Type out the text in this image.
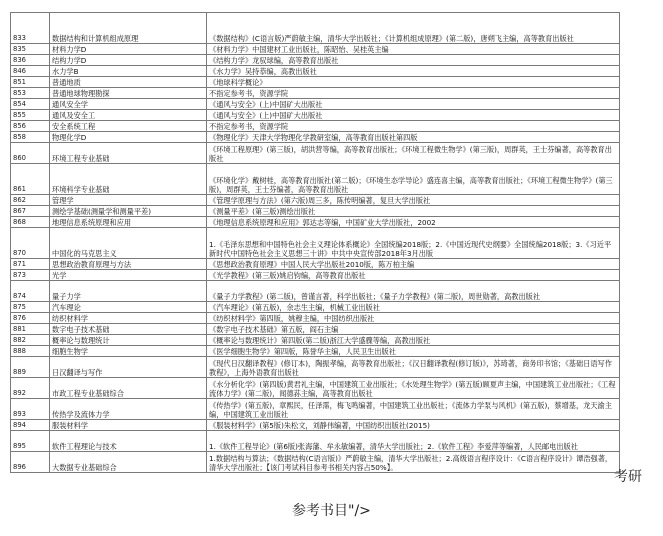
833	数据结构和计算机组成原理	《数据结构》(C语言版)严蔚敏主编，清华大学出版社；《计算机组成原理》(第二版)，唐朔飞主编，高等教育出版社
835	材料力学D	《材料力学》中国建材工业出版社，陈昭怡、吴桂英主编
836	结构力学D	《结构力学》龙驭球编，高等教育出版社
846	水力学B	《水力学》吴持恭编，高教出版社
851	普通地质	《地球科学概论》
853	普通地球物理勘探	不指定参考书，资源学院
854	通风安全学	《通风与安全》(上)中国矿大出版社
855	通风及安全工	《通风与安全》(上)中国矿大出版社
856	安全系统工程	不指定参考书，资源学院
858	物理化学D	《物理化学》天津大学物理化学教研室编，高等教育出版社第四版
860	环境工程专业基础	《环境工程原理》(第三版)，胡洪营等编，高等教育出版社；《环境工程微生物学》(第三版)，周群英，王士芬编著，高等教育出版社
861	环境科学专业基础	《环境化学》戴树桂，高等教育出版社(第二版)；《环境生态学导论》盛连喜主编，高等教育出版社；《环境工程微生物学》(第三版)，周群英，王士芬编著，高等教育出版社
862	管理学	《管理学原理与方法》(第六版)周三多，陈传明编著，复旦大学出版社
867	测绘学基础(测量学和测量平差)	《测量平差》(第三版)测绘出版社
868	地理信息系统原理和应用	《地理信息系统原理和应用》郭达志等编，中国矿业大学出版社，2002
870	中国化的马克思主义	1.《毛泽东思想和中国特色社会主义理论体系概论》全国统编2018版；2.《中国近现代史纲要》全国统编2018版；3.《习近平新时代中国特色社会主义思想三十讲》中共中央宣传部2018年3月出版
871	思想政治教育原理与方法	《思想政治教育原理》中国人民大学出版社2010版，陈万柏主编
873	光学	《光学教程》(第三版)姚启钧编，高等教育出版社
874	量子力学	《量子力学教程》(第二版)，曾谨言著，科学出版社；《量子力学教程》(第二版)，周世勋著，高教出版社
875	汽车理论	《汽车理论》(第五版)，余志生主编，机械工业出版社
876	纺织材料学	《纺织材料学》第四版，姚穆主编，中国纺织出版社
881	数字电子技术基础	《数字电子技术基础》第五版，阎石主编
882	概率论与数理统计	《概率论与数理统计》第四版(第二版)浙江大学盛骤等编，高教出版社
888	细胞生物学	《医学细胞生物学》第四版，陈誉华主编，人民卫生出版社
889	日汉翻译与写作	《现代日汉翻译教程》(修订本)，陶振孝编，高等教育出版社；《汉日翻译教程(修订版)》，苏琦著，商务印书馆；《基础日语写作教程》，上海外语教育出版社
892	市政工程专业基础综合	《水分析化学》(第四版)黄君礼主编，中国建筑工业出版社；《水处理生物学》(第五版)顾夏声主编，中国建筑工业出版社；《工程流体力学》(第二版)，闻德荪主编，高等教育出版社
893	传热学及流体力学	《传热学》(第五版)，章熙民，任泽霈，梅飞鸣编著，中国建筑工业出版社；《流体力学泵与风机》(第五版)，蔡增基，龙天渝主编，中国建筑工业出版社
894	服装材料学	《服装材料学》(第5版)朱松文，刘静伟编著，中国纺织出版社(2015)
895	软件工程理论与技术	1.《软件工程导论》(第6版)张海藩、牟永敏编著，清华大学出版社；2.《软件工程》李爱萍等编著，人民邮电出版社
896	大数据专业基础综合	1.数据结构与算法；《数据结构(C语言版)》严蔚敏主编，清华大学出版社；2.高级语言程序设计：《C语言程序设计》谭浩强著，清华大学出版社；【该门考试科目参考书相关内容占50%】。
考研
参考书目"/>
